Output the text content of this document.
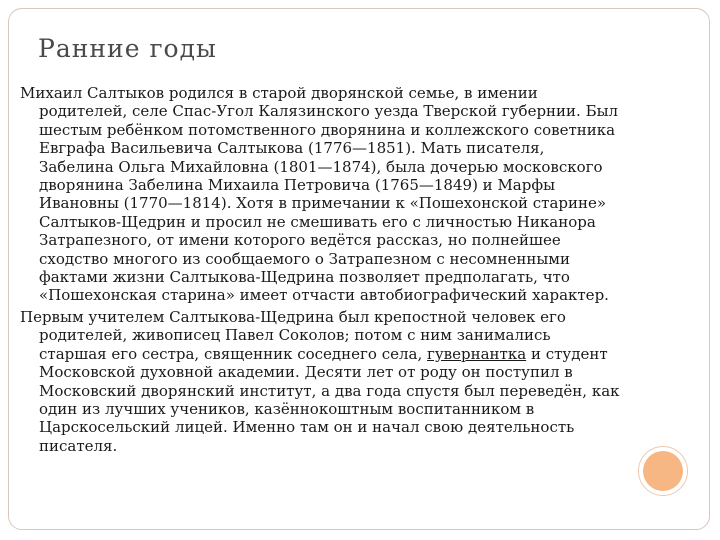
Ранние годы

Михаил Салтыков родился в старой дворянской семье, в имении родителей, селе Спас-Угол Калязинского уезда Тверской губернии. Был шестым ребёнком потомственного дворянина и коллежского советника Евграфа Васильевича Салтыкова (1776—1851). Мать писателя, Забелина Ольга Михайловна (1801—1874), была дочерью московского дворянина Забелина Михаила Петровича (1765—1849) и Марфы Ивановны (1770—1814). Хотя в примечании к «Пошехонской старине» Салтыков-Щедрин и просил не смешивать его с личностью Никанора Затрапезного, от имени которого ведётся рассказ, но полнейшее сходство многого из сообщаемого о Затрапезном с несомненными фактами жизни Салтыкова-Щедрина позволяет предполагать, что «Пошехонская старина» имеет отчасти автобиографический характер.

Первым учителем Салтыкова-Щедрина был крепостной человек его родителей, живописец Павел Соколов; потом с ним занимались старшая его сестра, священник соседнего села, гувернантка и студент Московской духовной академии. Десяти лет от роду он поступил в Московский дворянский институт, а два года спустя был переведён, как один из лучших учеников, казённокоштным воспитанником в Царскосельский лицей. Именно там он и начал свою деятельность писателя.
